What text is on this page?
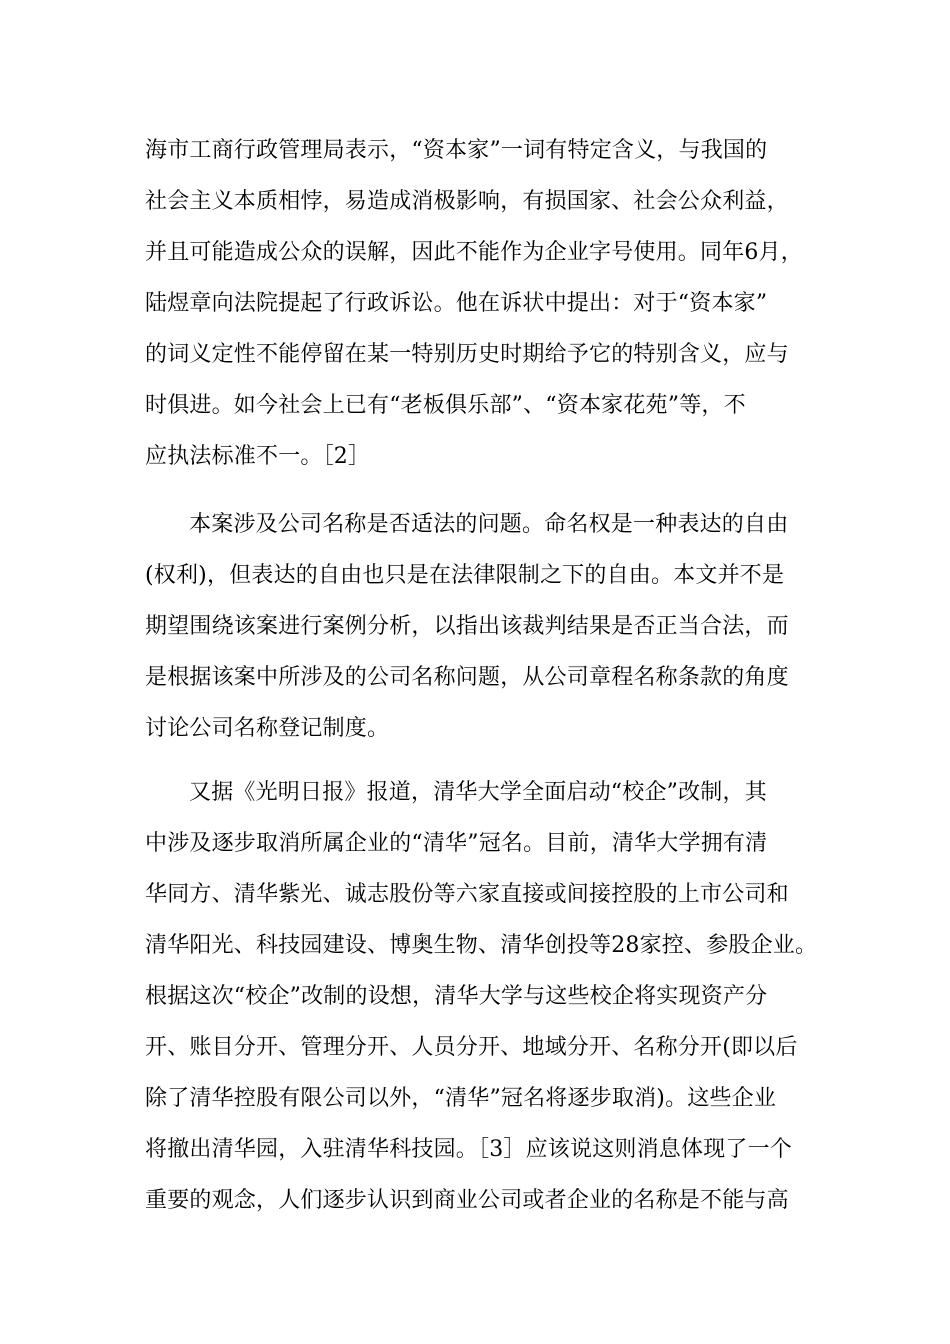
海市工商行政管理局表示，“资本家”一词有特定含义，与我国的
社会主义本质相悖，易造成消极影响，有损国家、社会公众利益，
并且可能造成公众的误解，因此不能作为企业字号使用。同年6月，
陆煜章向法院提起了行政诉讼。他在诉状中提出：对于“资本家”
的词义定性不能停留在某一特别历史时期给予它的特别含义，应与
时俱进。如今社会上已有“老板俱乐部”、“资本家花苑”等，不
应执法标准不一。［2］
本案涉及公司名称是否适法的问题。命名权是一种表达的自由
(权利)，但表达的自由也只是在法律限制之下的自由。本文并不是
期望围绕该案进行案例分析，以指出该裁判结果是否正当合法，而
是根据该案中所涉及的公司名称问题，从公司章程名称条款的角度
讨论公司名称登记制度。
又据《光明日报》报道，清华大学全面启动“校企”改制，其
中涉及逐步取消所属企业的“清华”冠名。目前，清华大学拥有清
华同方、清华紫光、诚志股份等六家直接或间接控股的上市公司和
清华阳光、科技园建设、博奥生物、清华创投等28家控、参股企业。
根据这次“校企”改制的设想，清华大学与这些校企将实现资产分
开、账目分开、管理分开、人员分开、地域分开、名称分开(即以后
除了清华控股有限公司以外，“清华”冠名将逐步取消)。这些企业
将撤出清华园，入驻清华科技园。［3］应该说这则消息体现了一个
重要的观念，人们逐步认识到商业公司或者企业的名称是不能与高
